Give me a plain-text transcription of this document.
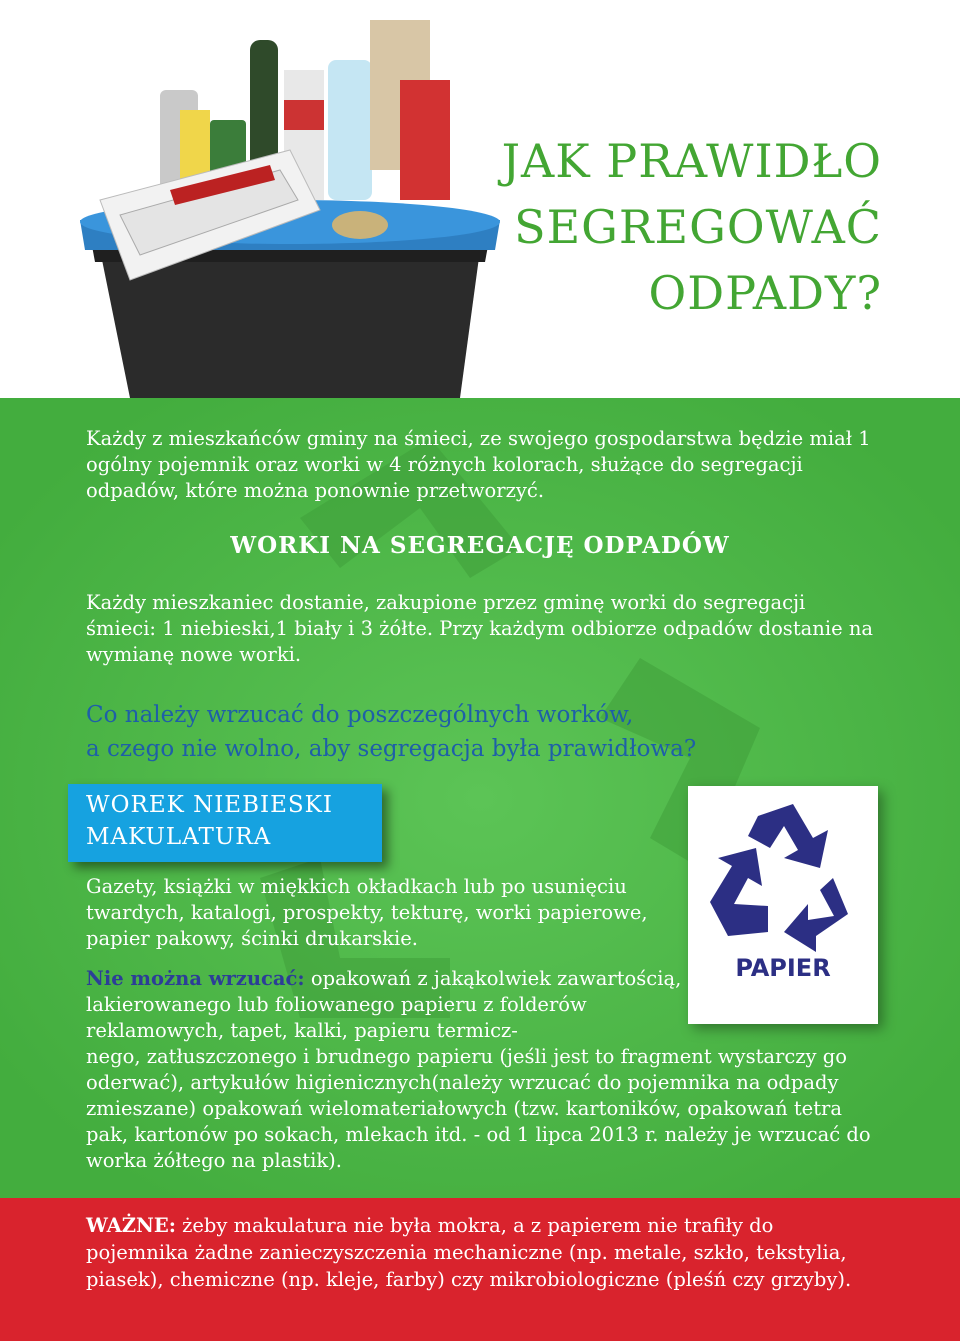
JAK PRAWIDŁO
SEGREGOWAĆ
ODPADY?

Każdy z mieszkańców gminy na śmieci, ze swojego gospodarstwa będzie miał 1 ogólny pojemnik oraz worki w 4 różnych kolorach, służące do segregacji odpadów, które można ponownie przetworzyć.

WORKI NA SEGREGACJĘ ODPADÓW

Każdy mieszkaniec dostanie, zakupione przez gminę worki do segregacji śmieci: 1 niebieski,1 biały i 3 żółte. Przy każdym odbiorze odpadów dostanie na wymianę nowe worki.

Co należy wrzucać do poszczególnych worków,
a czego nie wolno, aby segregacja była prawidłowa?
WOREK NIEBIESKI
MAKULATURA
PAPIER

Gazety, książki w miękkich okładkach lub po usunięciu twardych, katalogi, prospekty, tekturę, worki papierowe, papier pakowy, ścinki drukarskie.

Nie można wrzucać: opakowań z jakąkolwiek zawartością, lakierowanego lub foliowanego papieru z folderów reklamowych, tapet, kalki, papieru termicz-

nego, zatłuszczonego i brudnego papieru (jeśli jest to fragment wystarczy go oderwać), artykułów higienicznych(należy wrzucać do pojemnika na odpady zmieszane) opakowań wielomateriałowych (tzw. kartoników, opakowań tetra pak, kartonów po sokach, mlekach itd. - od 1 lipca 2013 r. należy je wrzucać do worka żółtego na plastik).

WAŻNE: żeby makulatura nie była mokra, a z papierem nie trafiły do pojemnika żadne zanieczyszczenia mechaniczne (np. metale, szkło, tekstylia, piasek), chemiczne (np. kleje, farby) czy mikrobiologiczne (pleśń czy grzyby).
